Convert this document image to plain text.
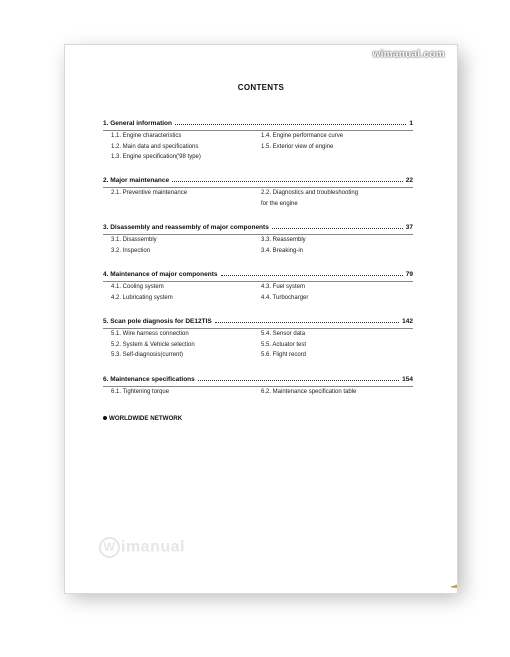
wimanual.com
CONTENTS
1. General information	1
1.1. Engine characteristics	1.4. Engine performance curve
1.2. Main data and specifications	1.5. Exterior view of engine
1.3. Engine specification('98 type)
2. Major maintenance	22
2.1. Preventive maintenance	2.2. Diagnostics and troubleshooting
for the engine
3. Disassembly and reassembly of major components	37
3.1. Disassembly	3.3. Reassembly
3.2. Inspection	3.4. Breaking-in
4. Maintenance of major components	79
4.1. Cooling system	4.3. Fuel system
4.2. Lubricating system	4.4. Turbocharger
5. Scan pole diagnosis for DE12TIS	142
5.1. Wire harness connection	5.4. Sensor data
5.2. System & Vehicle selection	5.5. Actuator test
5.3. Self-diagnosis(current)	5.6. Flight record
6. Maintenance specifications	154
6.1. Tightening torque	6.2. Maintenance specification table
WORLDWIDE NETWORK
W imanual
